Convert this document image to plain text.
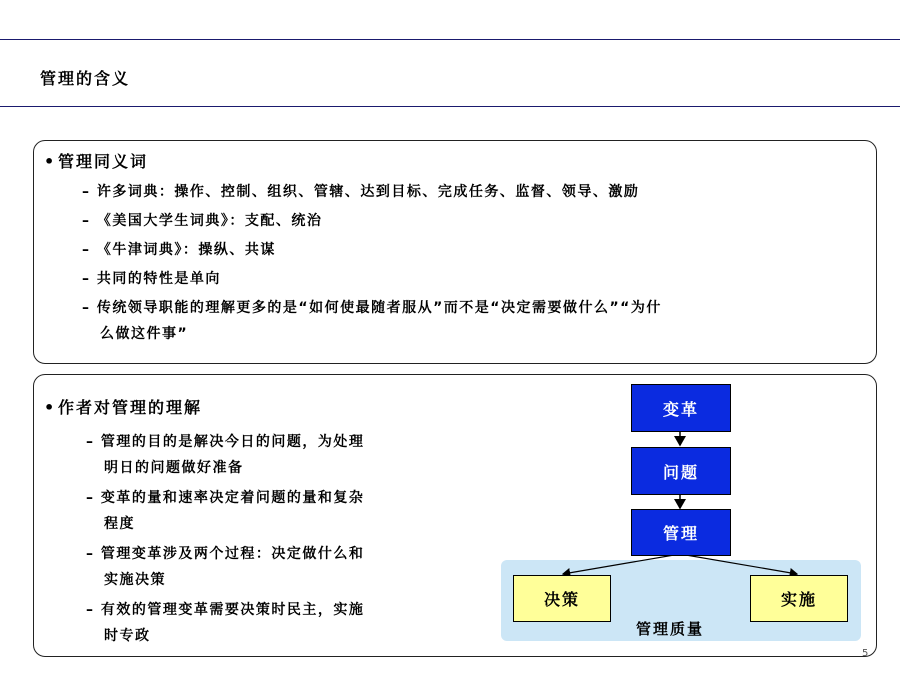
管理的含义
• 管理同义词
– 许多词典：操作、控制、组织、管辖、达到目标、完成任务、监督、领导、激励
– 《美国大学生词典》：支配、统治
– 《牛津词典》：操纵、共谋
– 共同的特性是单向
– 传统领导职能的理解更多的是“如何使最随者服从”而不是“决定需要做什么”“为什
么做这件事”
• 作者对管理的理解
– 管理的目的是解决今日的问题，为处理
明日的问题做好准备
– 变革的量和速率决定着问题的量和复杂
程度
– 管理变革涉及两个过程：决定做什么和
实施决策
– 有效的管理变革需要决策时民主，实施
时专政
变革
问题
管理
决策	实施
管理质量
5
